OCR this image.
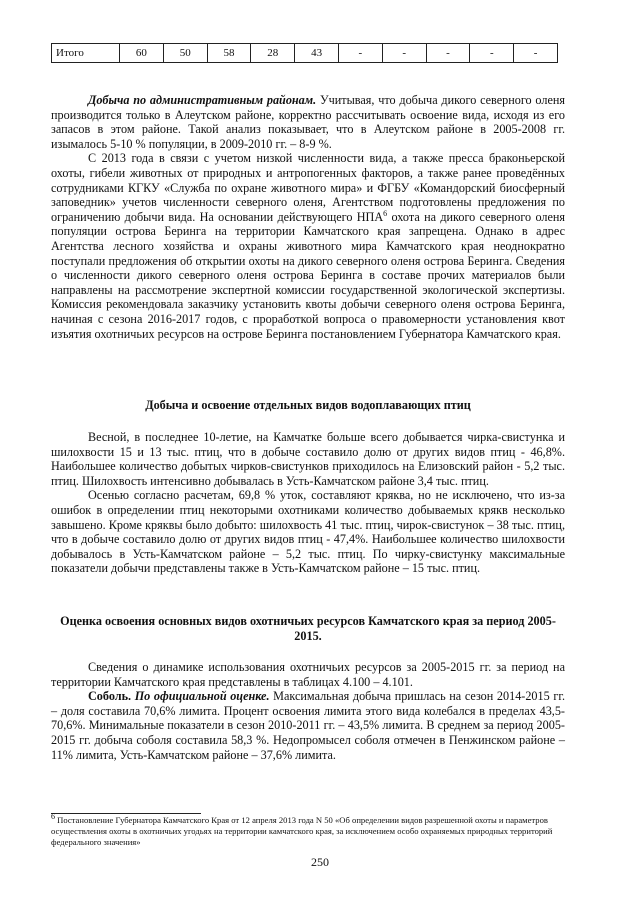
Итого	60	50	58	28	43	-	-	-	-	-

Добыча по административным районам. Учитывая, что добыча дикого северного оленя производится только в Алеутском районе, корректно рассчитывать освоение вида, исходя из его запасов в этом районе. Такой анализ показывает, что в Алеутском районе в 2005-2008 гг. изымалось 5-10 % популяции, в 2009-2010 гг. – 8-9 %.

С 2013 года в связи с учетом низкой численности вида, а также пресса браконьерской охоты, гибели животных от природных и антропогенных факторов, а также ранее проведённых сотрудниками КГКУ «Служба по охране животного мира» и ФГБУ «Командорский биосферный заповедник» учетов численности северного оленя, Агентством подготовлены предложения по ограничению добычи вида. На основании действующего НПА$^6$ охота на дикого северного оленя популяции острова Беринга на территории Камчатского края запрещена. Однако в адрес Агентства лесного хозяйства и охраны животного мира Камчатского края неоднократно поступали предложения об открытии охоты на дикого северного оленя острова Беринга. Сведения о численности дикого северного оленя острова Беринга в составе прочих материалов были направлены на рассмотрение экспертной комиссии государственной экологической экспертизы. Комиссия рекомендовала заказчику установить квоты добычи северного оленя острова Беринга, начиная с сезона 2016-2017 годов, с проработкой вопроса о правомерности установления квот изъятия охотничьих ресурсов на острове Беринга постановлением Губернатора Камчатского края.

Добыча и освоение отдельных видов водоплавающих птиц

Весной, в последнее 10-летие, на Камчатке больше всего добывается чирка-свистунка и шилохвости 15 и 13 тыс. птиц, что в добыче составило долю от других видов птиц - 46,8%. Наибольшее количество добытых чирков-свистунков приходилось на Елизовский район - 5,2 тыс. птиц. Шилохвость интенсивно добывалась в Усть-Камчатском районе 3,4 тыс. птиц.

Осенью согласно расчетам, 69,8 % уток, составляют кряква, но не исключено, что из-за ошибок в определении птиц некоторыми охотниками количество добываемых крякв несколько завышено. Кроме кряквы было добыто: шилохвость 41 тыс. птиц, чирок-свистунок – 38 тыс. птиц, что в добыче составило долю от других видов птиц - 47,4%. Наибольшее количество шилохвости добывалось в Усть-Камчатском районе – 5,2 тыс. птиц. По чирку-свистунку максимальные показатели добычи представлены также в Усть-Камчатском районе – 15 тыс. птиц.

Оценка освоения основных видов охотничьих ресурсов Камчатского края за период 2005-2015.

Сведения о динамике использования охотничьих ресурсов за 2005-2015 гг. за период на территории Камчатского края представлены в таблицах 4.100 – 4.101.

Соболь. По официальной оценке. Максимальная добыча пришлась на сезон 2014-2015 гг. – доля составила 70,6% лимита. Процент освоения лимита этого вида колебался в пределах 43,5-70,6%. Минимальные показатели в сезон 2010-2011 гг. – 43,5% лимита. В среднем за период 2005-2015 гг. добыча соболя составила 58,3 %. Недопромысел соболя отмечен в Пенжинском районе – 11% лимита, Усть-Камчатском районе – 37,6% лимита.

$^6$ Постановление Губернатора Камчатского Края от 12 апреля 2013 года N 50 «Об определении видов разрешенной охоты и параметров осуществления охоты в охотничьих угодьях на территории камчатского края, за исключением особо охраняемых природных территорий федерального значения»
250
